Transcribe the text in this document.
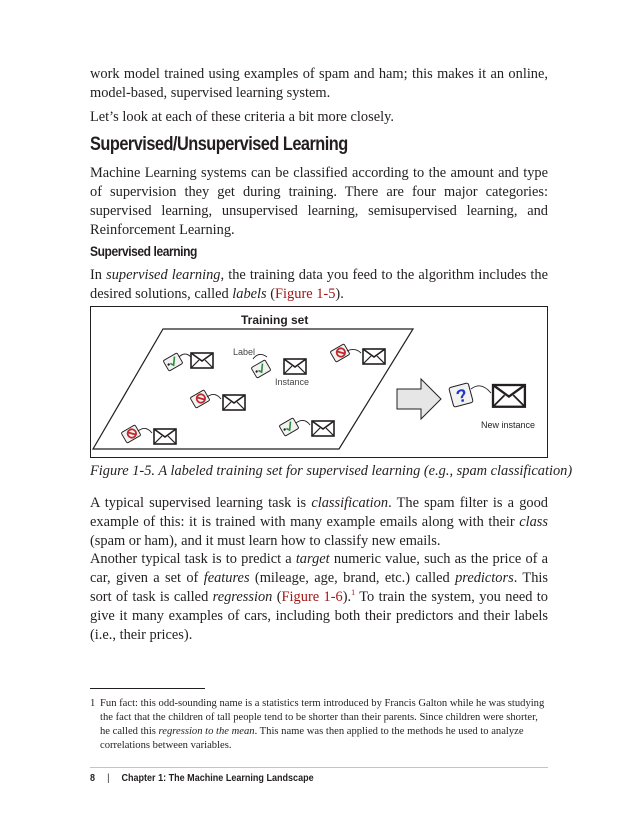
work model trained using examples of spam and ham; this makes it an online, model-based, supervised learning system.

Let’s look at each of these criteria a bit more closely.

Supervised/Unsupervised Learning

Machine Learning systems can be classified according to the amount and type of supervision they get during training. There are four major categories: supervised learning, unsupervised learning, semisupervised learning, and Reinforcement Learning.

Supervised learning

In supervised learning, the training data you feed to the algorithm includes the desired solutions, called labels (Figure 1-5).

Training set
Label
Instance
?
New instance
Figure 1-5. A labeled training set for supervised learning (e.g., spam classification)

A typical supervised learning task is classification. The spam filter is a good example of this: it is trained with many example emails along with their class (spam or ham), and it must learn how to classify new emails.

Another typical task is to predict a target numeric value, such as the price of a car, given a set of features (mileage, age, brand, etc.) called predictors. This sort of task is called regression (Figure 1-6).$^1$ To train the system, you need to give it many examples of cars, including both their predictors and their labels (i.e., their prices).

1 Fun fact: this odd-sounding name is a statistics term introduced by Francis Galton while he was studying the fact that the children of tall people tend to be shorter than their parents. Since children were shorter, he called this regression to the mean. This name was then applied to the methods he used to analyze correlations between variables.
8 | Chapter 1: The Machine Learning Landscape
